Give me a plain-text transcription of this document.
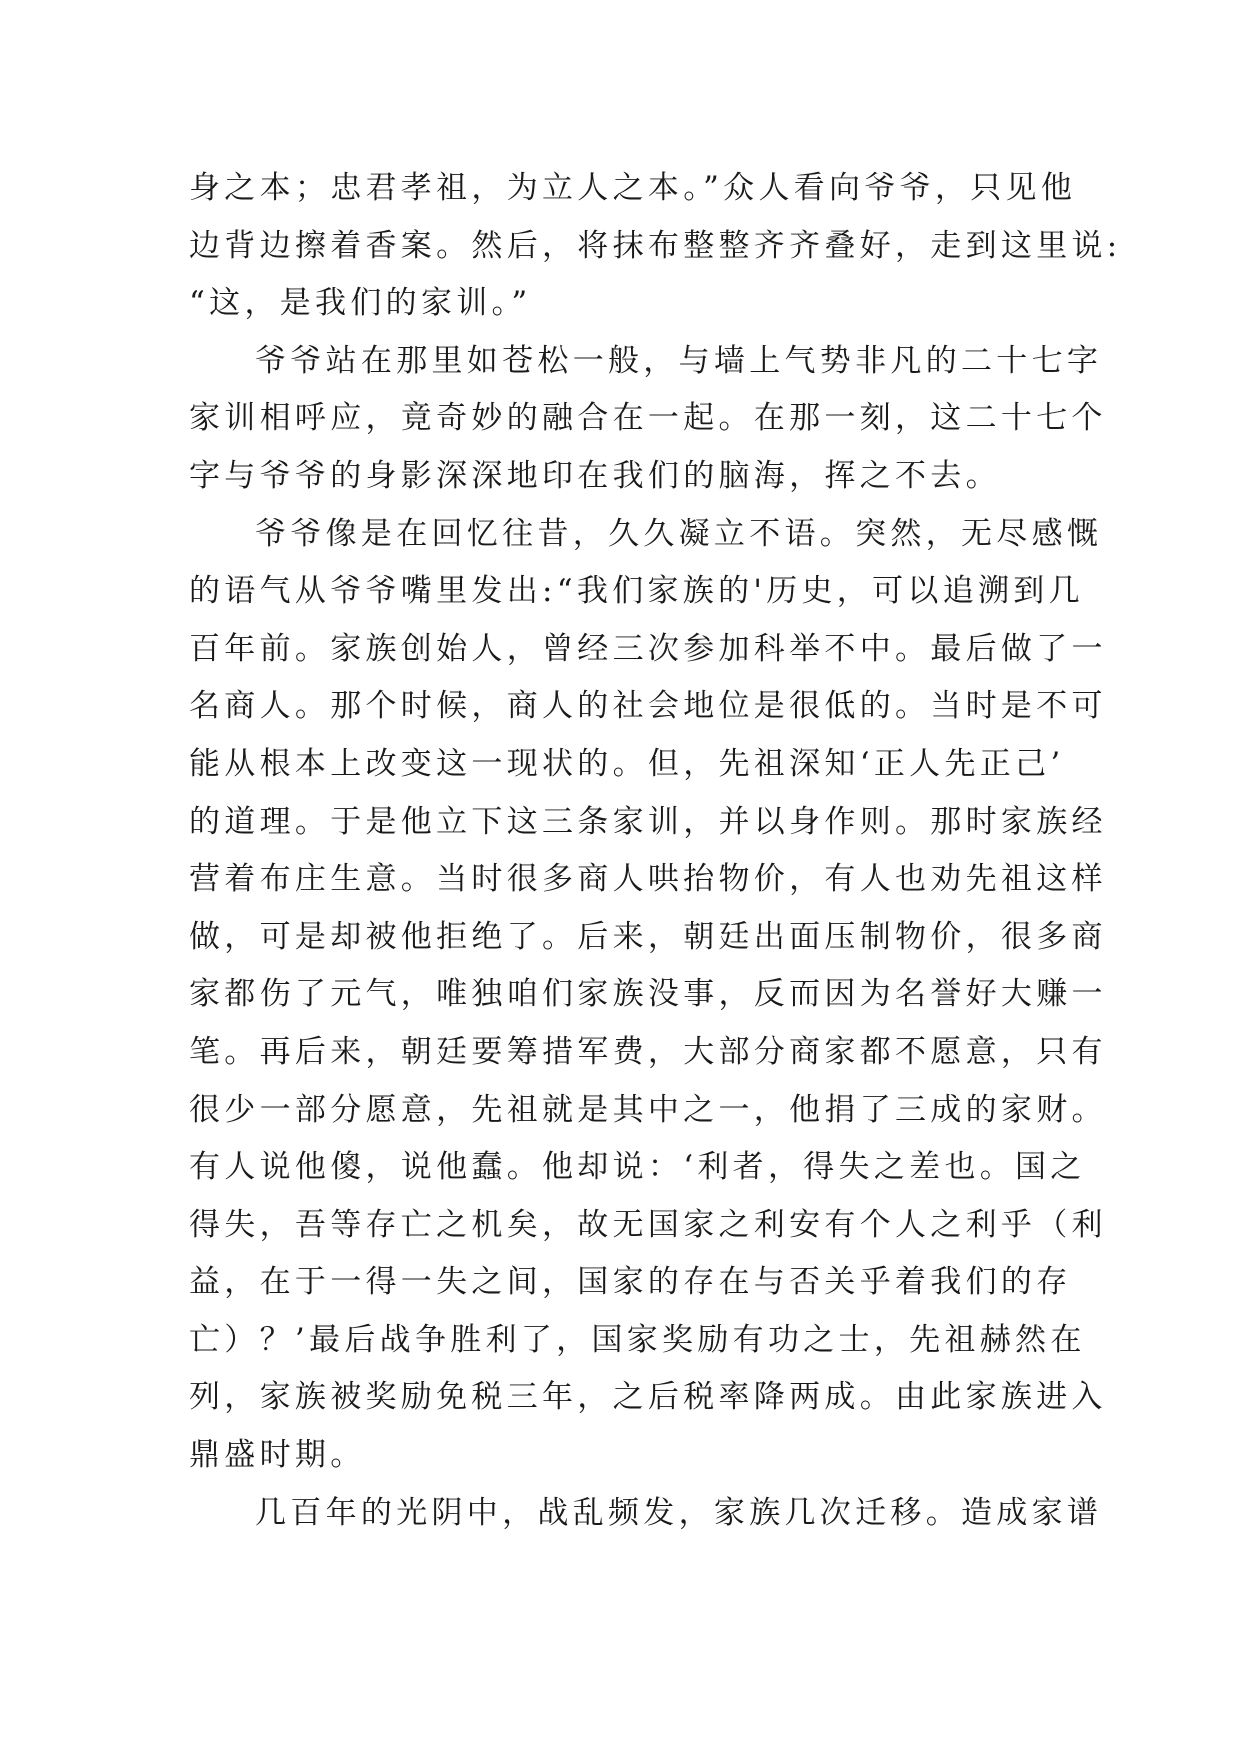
身之本；忠君孝祖，为立人之本。”众人看向爷爷，只见他
边背边擦着香案。然后，将抹布整整齐齐叠好，走到这里说:
“这，是我们的家训。”
爷爷站在那里如苍松一般，与墙上气势非凡的二十七字
家训相呼应，竟奇妙的融合在一起。在那一刻，这二十七个
字与爷爷的身影深深地印在我们的脑海，挥之不去。
爷爷像是在回忆往昔，久久凝立不语。突然，无尽感慨
的语气从爷爷嘴里发出:“我们家族的'历史，可以追溯到几
百年前。家族创始人，曾经三次参加科举不中。最后做了一
名商人。那个时候，商人的社会地位是很低的。当时是不可
能从根本上改变这一现状的。但，先祖深知‘正人先正己’
的道理。于是他立下这三条家训，并以身作则。那时家族经
营着布庄生意。当时很多商人哄抬物价，有人也劝先祖这样
做，可是却被他拒绝了。后来，朝廷出面压制物价，很多商
家都伤了元气，唯独咱们家族没事，反而因为名誉好大赚一
笔。再后来，朝廷要筹措军费，大部分商家都不愿意，只有
很少一部分愿意，先祖就是其中之一，他捐了三成的家财。
有人说他傻，说他蠢。他却说：‘利者，得失之差也。国之
得失，吾等存亡之机矣，故无国家之利安有个人之利乎（利
益，在于一得一失之间，国家的存在与否关乎着我们的存
亡）？’最后战争胜利了，国家奖励有功之士，先祖赫然在
列，家族被奖励免税三年，之后税率降两成。由此家族进入
鼎盛时期。
几百年的光阴中，战乱频发，家族几次迁移。造成家谱
